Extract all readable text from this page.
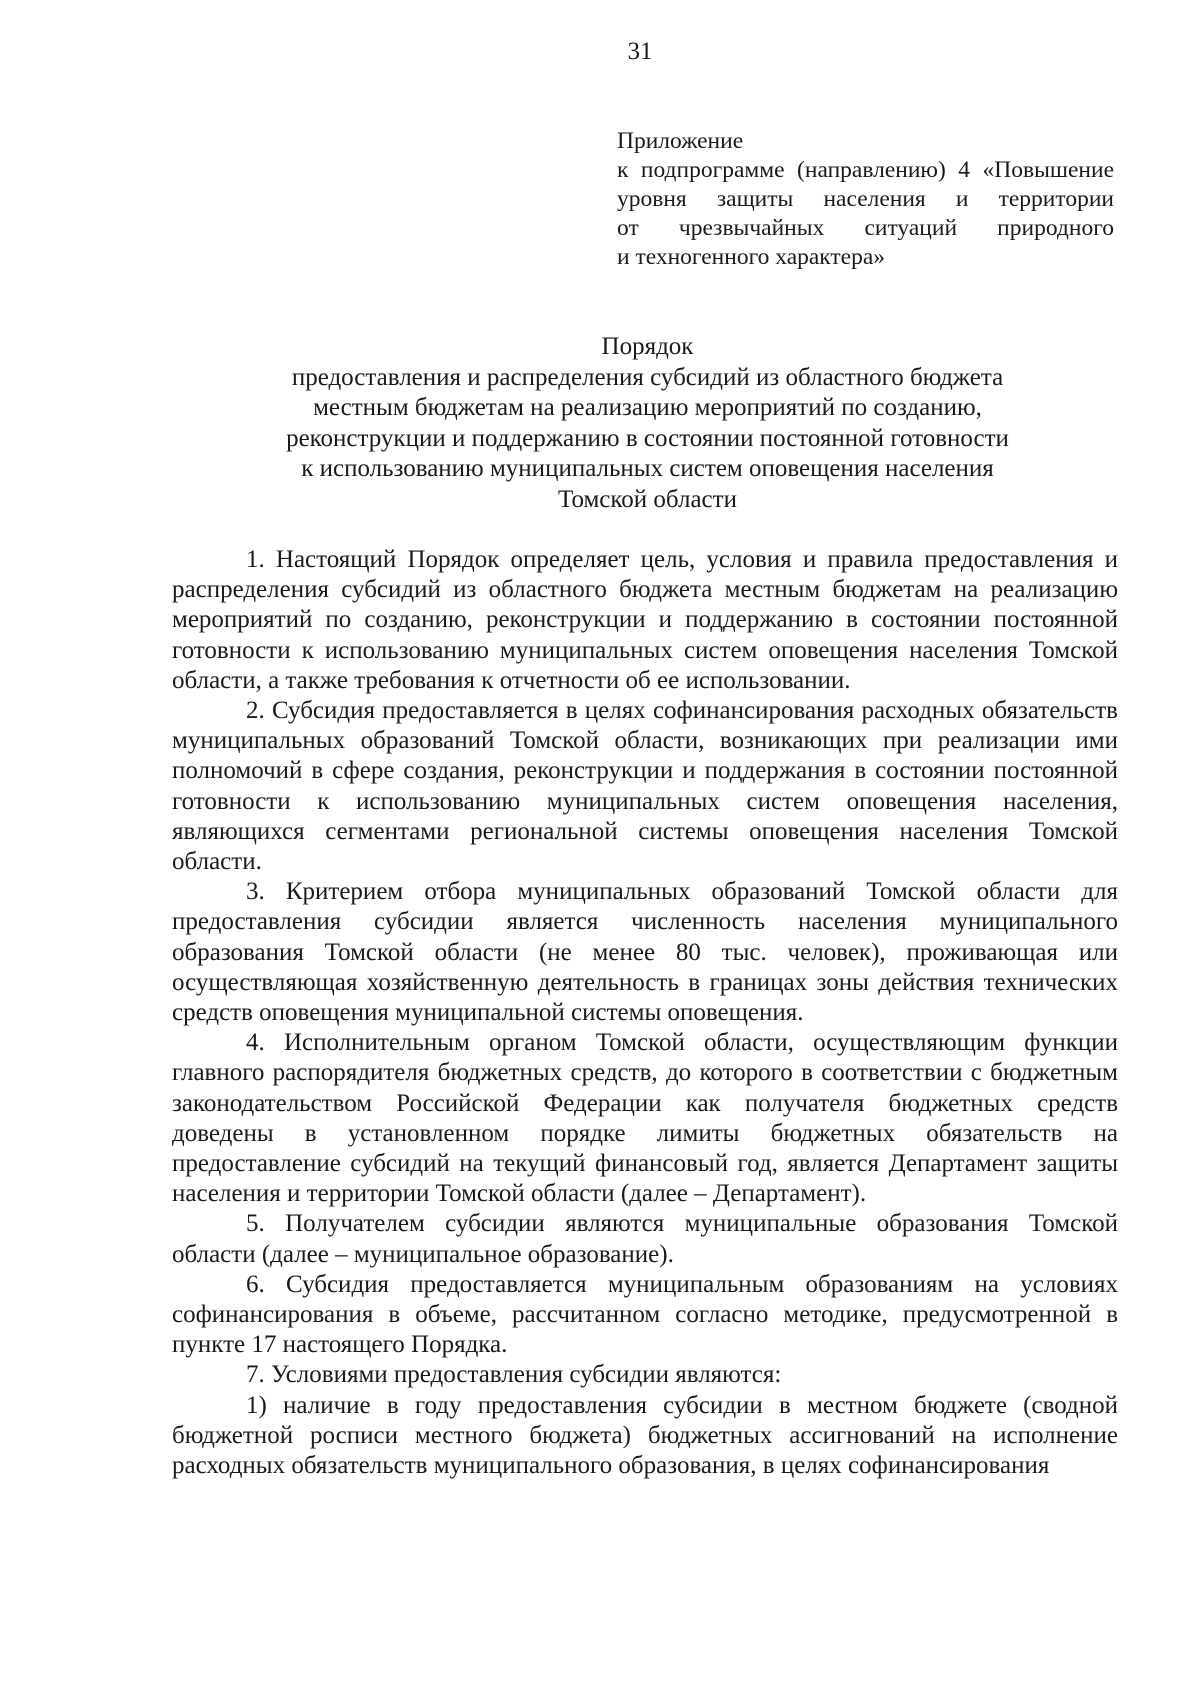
31
Приложение
к подпрограмме (направлению) 4 «Повышение
уровня защиты населения и территории
от чрезвычайных ситуаций природного
и техногенного характера»
Порядок
предоставления и распределения субсидий из областного бюджета
местным бюджетам на реализацию мероприятий по созданию,
реконструкции и поддержанию в состоянии постоянной готовности
к использованию муниципальных систем оповещения населения
Томской области

1. Настоящий Порядок определяет цель, условия и правила предоставления и распределения субсидий из областного бюджета местным бюджетам на реализацию мероприятий по созданию, реконструкции и поддержанию в состоянии постоянной готовности к использованию муниципальных систем оповещения населения Томской области, а также требования к отчетности об ее использовании.

2. Субсидия предоставляется в целях софинансирования расходных обязательств муниципальных образований Томской области, возникающих при реализации ими полномочий в сфере создания, реконструкции и поддержания в состоянии постоянной готовности к использованию муниципальных систем оповещения населения, являющихся сегментами региональной системы оповещения населения Томской области.

3. Критерием отбора муниципальных образований Томской области для предоставления субсидии является численность населения муниципального образования Томской области (не менее 80 тыс. человек), проживающая или осуществляющая хозяйственную деятельность в границах зоны действия технических средств оповещения муниципальной системы оповещения.

4. Исполнительным органом Томской области, осуществляющим функции главного распорядителя бюджетных средств, до которого в соответствии с бюджетным законодательством Российской Федерации как получателя бюджетных средств доведены в установленном порядке лимиты бюджетных обязательств на предоставление субсидий на текущий финансовый год, является Департамент защиты населения и территории Томской области (далее – Департамент).

5. Получателем субсидии являются муниципальные образования Томской области (далее – муниципальное образование).

6. Субсидия предоставляется муниципальным образованиям на условиях софинансирования в объеме, рассчитанном согласно методике, предусмотренной в пункте 17 настоящего Порядка.

7. Условиями предоставления субсидии являются:

1) наличие в году предоставления субсидии в местном бюджете (сводной бюджетной росписи местного бюджета) бюджетных ассигнований на исполнение расходных обязательств муниципального образования, в целях софинансирования
